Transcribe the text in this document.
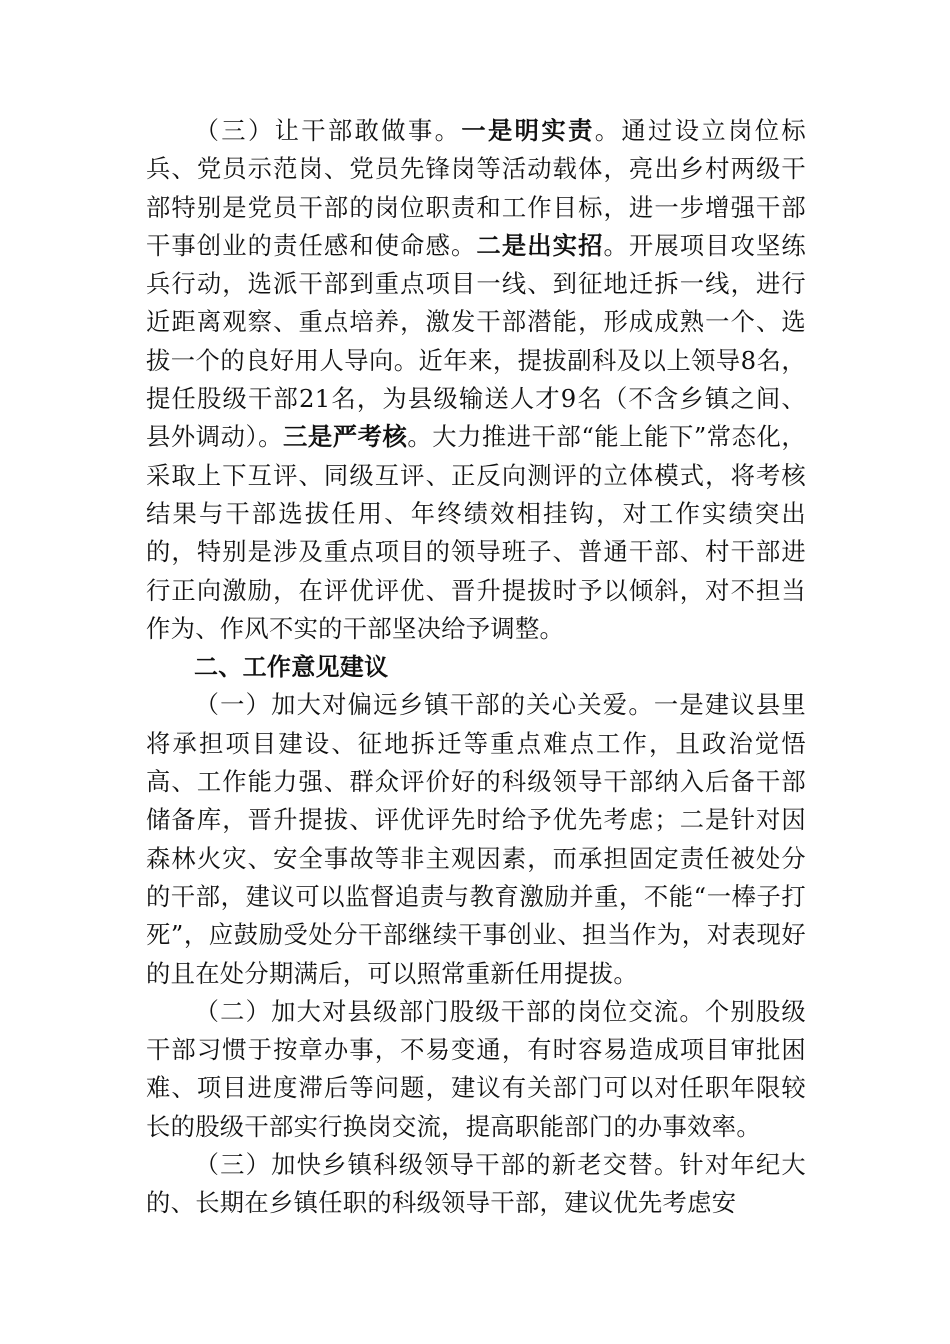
（三）让干部敢做事。一是明实责。通过设立岗位标兵、党员示范岗、党员先锋岗等活动载体，亮出乡村两级干部特别是党员干部的岗位职责和工作目标，进一步增强干部干事创业的责任感和使命感。二是出实招。开展项目攻坚练兵行动，选派干部到重点项目一线、到征地迁拆一线，进行近距离观察、重点培养，激发干部潜能，形成成熟一个、选拔一个的良好用人导向。近年来，提拔副科及以上领导8名，提任股级干部21名，为县级输送人才9名（不含乡镇之间、县外调动）。三是严考核。大力推进干部“能上能下”常态化，采取上下互评、同级互评、正反向测评的立体模式，将考核结果与干部选拔任用、年终绩效相挂钩，对工作实绩突出的，特别是涉及重点项目的领导班子、普通干部、村干部进行正向激励，在评优评优、晋升提拔时予以倾斜，对不担当作为、作风不实的干部坚决给予调整。

二、工作意见建议

（一）加大对偏远乡镇干部的关心关爱。一是建议县里将承担项目建设、征地拆迁等重点难点工作，且政治觉悟高、工作能力强、群众评价好的科级领导干部纳入后备干部储备库，晋升提拔、评优评先时给予优先考虑；二是针对因森林火灾、安全事故等非主观因素，而承担固定责任被处分的干部，建议可以监督追责与教育激励并重，不能“一棒子打死”，应鼓励受处分干部继续干事创业、担当作为，对表现好的且在处分期满后，可以照常重新任用提拔。

（二）加大对县级部门股级干部的岗位交流。个别股级干部习惯于按章办事，不易变通，有时容易造成项目审批困难、项目进度滞后等问题，建议有关部门可以对任职年限较长的股级干部实行换岗交流，提高职能部门的办事效率。

（三）加快乡镇科级领导干部的新老交替。针对年纪大的、长期在乡镇任职的科级领导干部，建议优先考虑安
